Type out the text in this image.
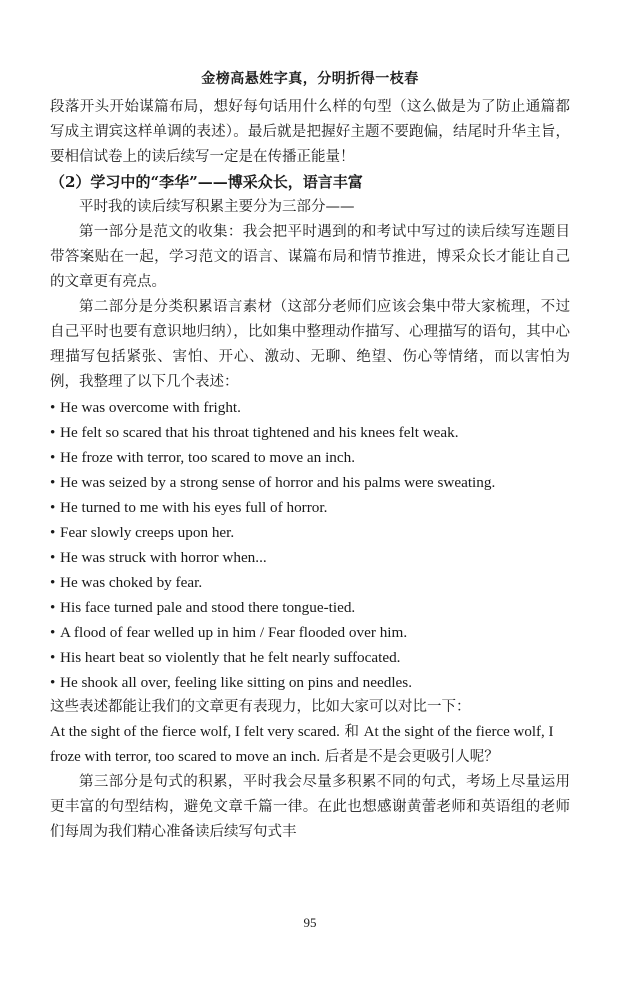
金榜高悬姓字真，分明折得一枝春

段落开头开始谋篇布局，想好每句话用什么样的句型（这么做是为了防止通篇都写成主谓宾这样单调的表述）。最后就是把握好主题不要跑偏，结尾时升华主旨，要相信试卷上的读后续写一定是在传播正能量！

（2）学习中的“李华”——博采众长，语言丰富

平时我的读后续写积累主要分为三部分——

第一部分是范文的收集：我会把平时遇到的和考试中写过的读后续写连题目带答案贴在一起，学习范文的语言、谋篇布局和情节推进，博采众长才能让自己的文章更有亮点。

第二部分是分类积累语言素材（这部分老师们应该会集中带大家梳理，不过自己平时也要有意识地归纳），比如集中整理动作描写、心理描写的语句，其中心理描写包括紧张、害怕、开心、激动、无聊、绝望、伤心等情绪，而以害怕为例，我整理了以下几个表述：

• He was overcome with fright.
• He felt so scared that his throat tightened and his knees felt weak.
• He froze with terror, too scared to move an inch.
• He was seized by a strong sense of horror and his palms were sweating.
• He turned to me with his eyes full of horror.
• Fear slowly creeps upon her.
• He was struck with horror when...
• He was choked by fear.
• His face turned pale and stood there tongue-tied.
• A flood of fear welled up in him / Fear flooded over him.
• His heart beat so violently that he felt nearly suffocated.
• He shook all over, feeling like sitting on pins and needles.

这些表述都能让我们的文章更有表现力，比如大家可以对比一下：

At the sight of the fierce wolf, I felt very scared. 和 At the sight of the fierce wolf, I froze with terror, too scared to move an inch. 后者是不是会更吸引人呢？

第三部分是句式的积累，平时我会尽量多积累不同的句式，考场上尽量运用更丰富的句型结构，避免文章千篇一律。在此也想感谢黄蕾老师和英语组的老师们每周为我们精心准备读后续写句式丰

95
